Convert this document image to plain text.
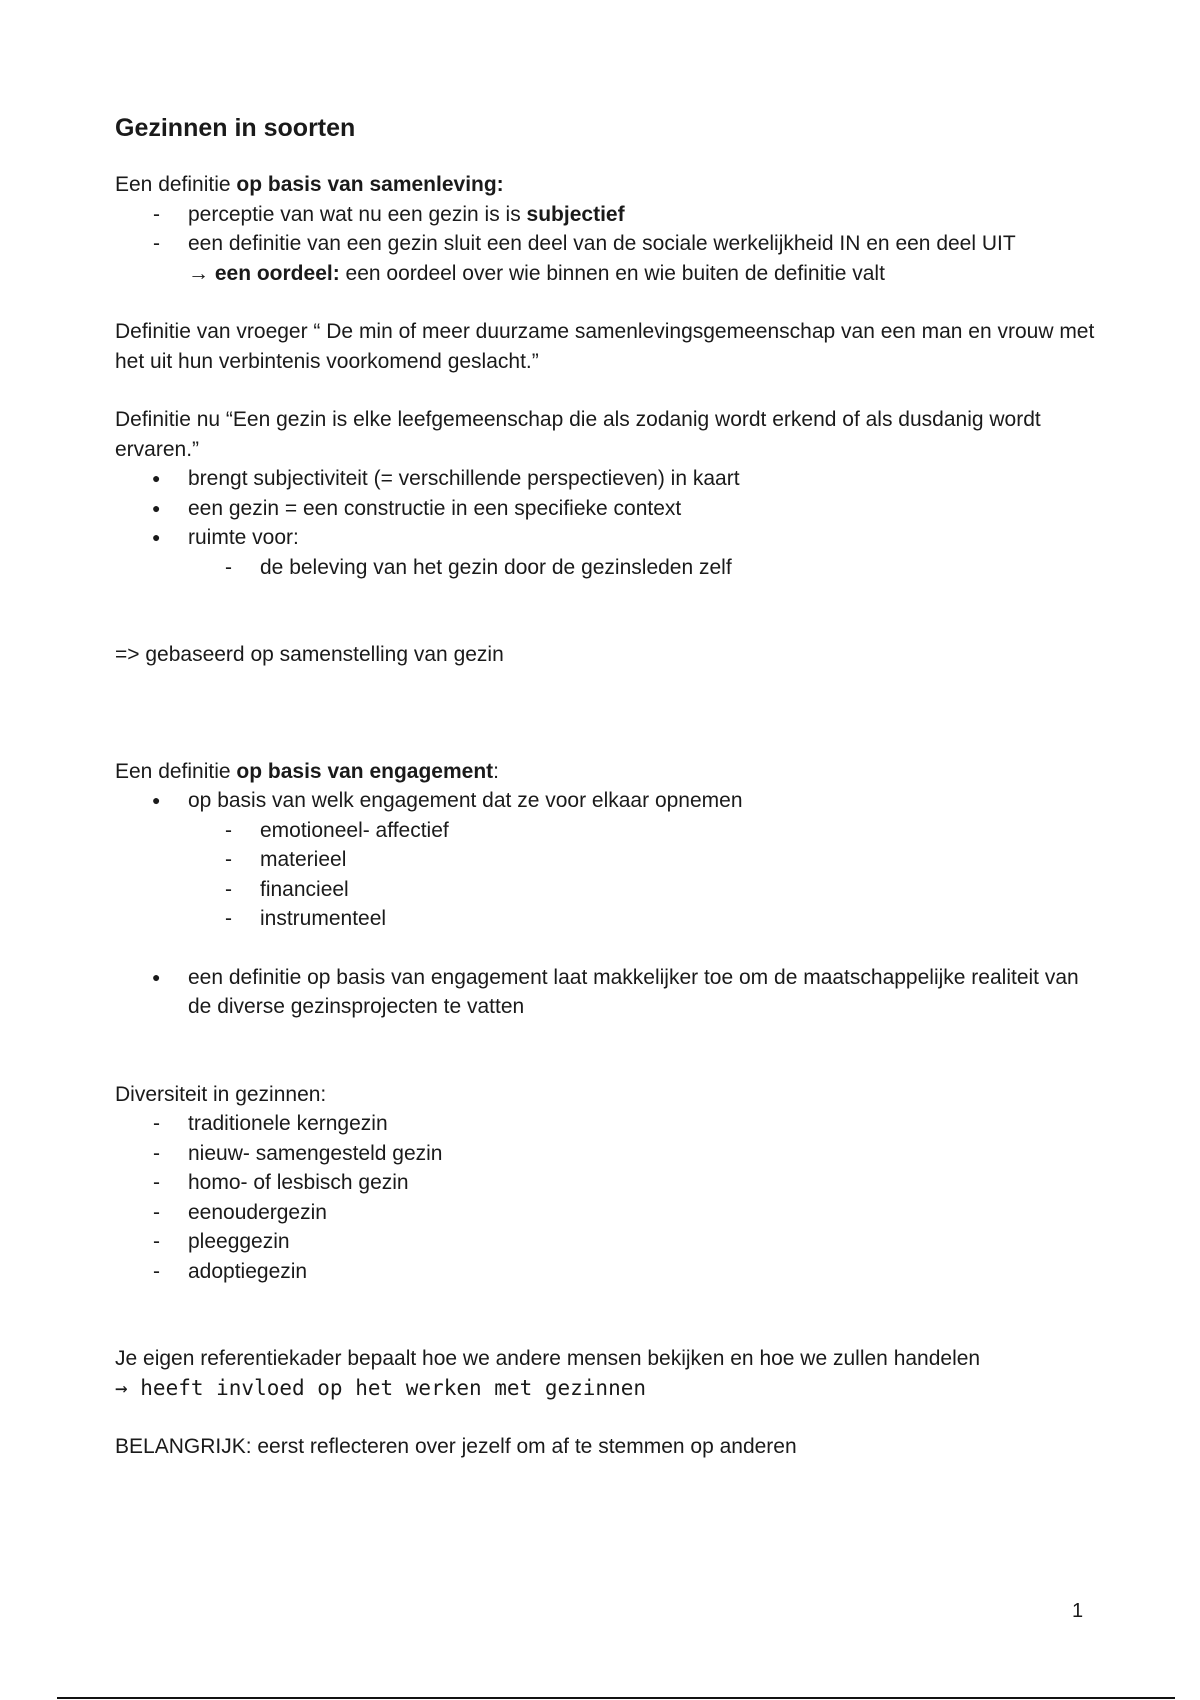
Gezinnen in soorten

Een definitie op basis van samenleving:

- perceptie van wat nu een gezin is is subjectief
- een definitie van een gezin sluit een deel van de sociale werkelijkheid IN en een deel UIT

→ een oordeel: een oordeel over wie binnen en wie buiten de definitie valt

Definitie van vroeger “ De min of meer duurzame samenlevingsgemeenschap van een man en vrouw met het uit hun verbintenis voorkomend geslacht.”

Definitie nu “Een gezin is elke leefgemeenschap die als zodanig wordt erkend of als dusdanig wordt ervaren.”

● brengt subjectiviteit (= verschillende perspectieven) in kaart
● een gezin = een constructie in een specifieke context
● ruimte voor:
- de beleving van het gezin door de gezinsleden zelf

=> gebaseerd op samenstelling van gezin

Een definitie op basis van engagement:

● op basis van welk engagement dat ze voor elkaar opnemen
- emotioneel- affectief
- materieel
- financieel
- instrumenteel
● een definitie op basis van engagement laat makkelijker toe om de maatschappelijke realiteit van de diverse gezinsprojecten te vatten

Diversiteit in gezinnen:

- traditionele kerngezin
- nieuw- samengesteld gezin
- homo- of lesbisch gezin
- eenoudergezin
- pleeggezin
- adoptiegezin

Je eigen referentiekader bepaalt hoe we andere mensen bekijken en hoe we zullen handelen

→ heeft invloed op het werken met gezinnen

BELANGRIJK: eerst reflecteren over jezelf om af te stemmen op anderen

1
